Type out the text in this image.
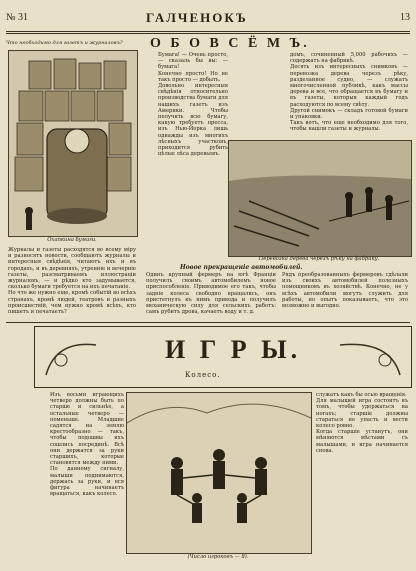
№ 31	ГАЛЧЕНОКЪ	13
О Б О В С Ё М Ъ.
Что необходимо для газетъ и журналовъ?
Охапкина бумаги.

Бумага! — Очень просто, — сказаль бы вы: — бумага!

Конечно просто! Но не такъ просто — добыть.

Довольно интересныя свѣдѣнія относительно производства бумаги для нашихъ газетъ изъ Америки. Чтобы получить всю бумагу, какую требуетъ пресса, изъ Нью-Йорка лишь однажды изъ многихъ лѣсныхъ участковъ, приходится рубить цѣлые лѣса деревьевъ.

домъ, сочиненный 5,000 рабочихъ — содержатъ на фабрикѣ.

Десять изъ интересныхъ снимковъ — перевозка дерева черезъ рѣку, разделанное судно, — служатъ многочисленной публикѣ, какъ массы дерева и все, что обращается въ бумагу и въ газеты, которыя каждый годъ расходуются по всему свѣту.

Другой снимокъ — складъ готовой бумаги и упаковки.

Такъ вотъ, что еще необходимо для того, чтобы нашли газеты и журналы.

Перевозка дерева черезъ рѣку на фабрику.

Журналы и газеты расходятся во всему міру и разносятъ новости, сообщаютъ журналы и интересныя свѣдѣнія, читаютъ ихъ и въ городахъ, и въ деревняхъ, утренніе и вечерніе газеты, разсматриваемъ иллюстраціи журналовъ, — и рѣдко кто задумывается, сколько бумаги требуется на ихъ печатаніе.

Но что же нужно еще, кромѣ событій во всѣхъ странахъ, кромѣ людей, театровъ и разныхъ происшествій, чем нужно кромѣ всѣхъ, кто пишетъ и печатаетъ?

Новое прекращеніе автомобилей.
Одинъ крупный фермеръ на югѣ Франціи получилъ своимъ автомобилемъ новое приспособленіе. Приводимое его такъ, чтобы задніе колеса свободно вращались, онъ пристегнулъ къ нимъ привода и получилъ механическую силу для сельскихъ работъ: самъ рубитъ дрова, качаетъ воду и т. д.
Рядъ преобразованныхъ фермеровъ сдѣлали изъ своихъ автомобилей полезныхъ помощниковъ въ хозяйствѣ. Конечно, не у всѣхъ автомобили могутъ служить для работы, но опытъ показываетъ, что это возможно и выгодно.
И Г Р Ы.
Колесо.

Изъ восьми играющихъ четверо должны быть по старше и сильнѣе, а остальные четверо — поменьше. Младшие садятся на землю крестообразно — такъ, чтобы подошвы ихъ сошлись посрединѣ. Всѣ они держатся за руки старшихъ, которые становятся между ними.

По данному сигналу, малыши поднимаются, держась за руки, и вся фигура начинаетъ вращаться, какъ колесо.

(Число игроковъ — 8).

служатъ какъ бы осью вращенія.

Для малышей игра состоитъ въ томъ, чтобы удержаться на ногахъ; старшіе должны стараться не упасть и вести колесо ровно.

Когда старшіе устанутъ, они мѣняются мѣстами съ малышами, и игра начинается снова.
